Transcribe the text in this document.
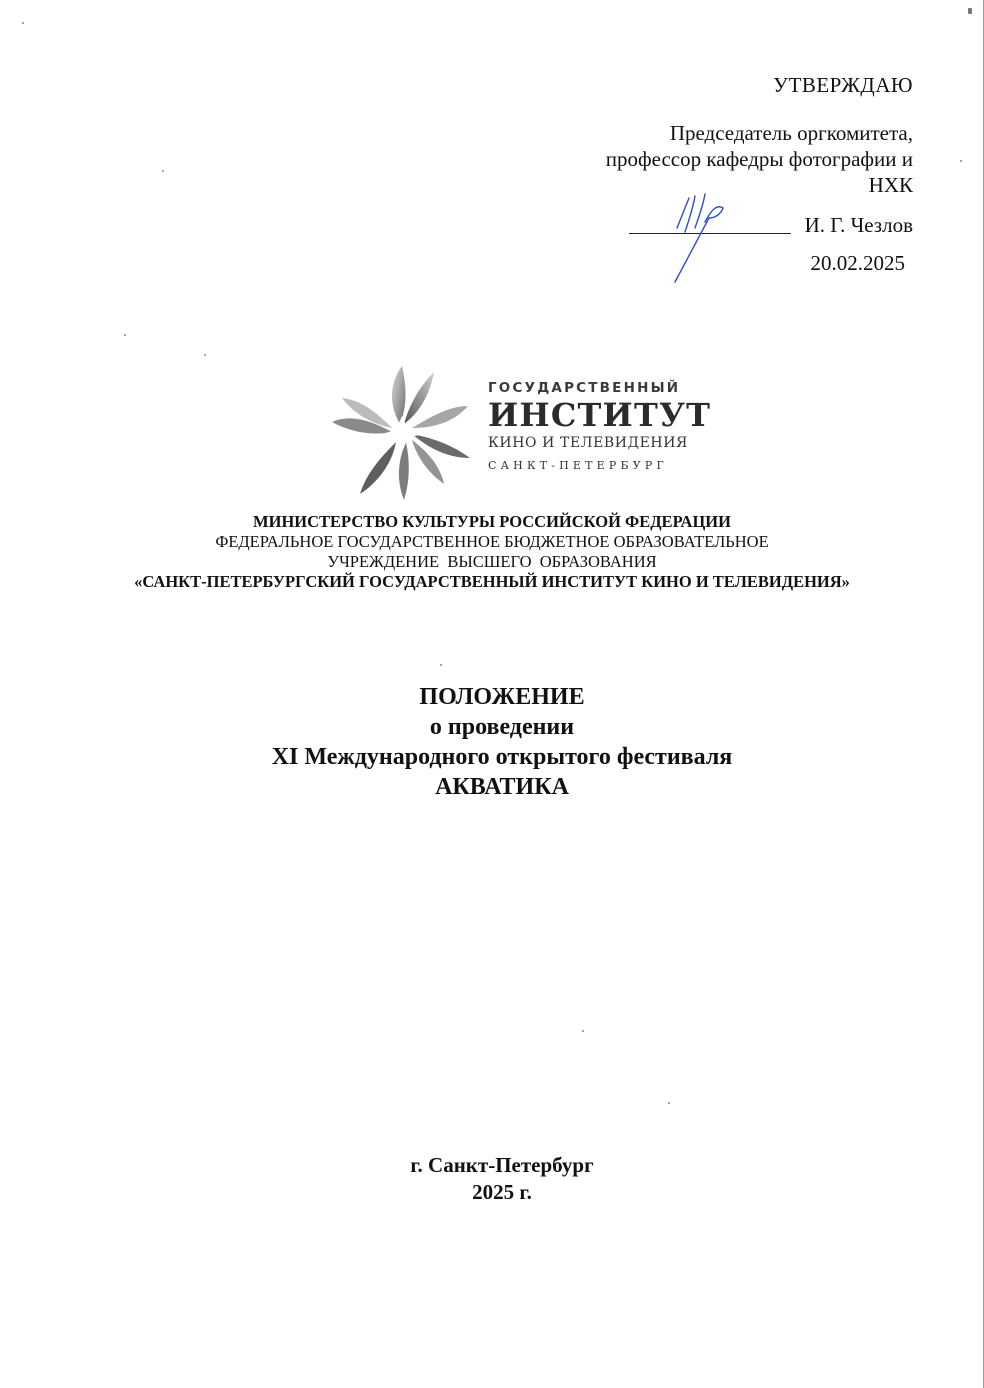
УТВЕРЖДАЮ
Председатель оргкомитета,
профессор кафедры фотографии и
НХК
И. Г. Чезлов
20.02.2025
ГОСУДАРСТВЕННЫЙ
ИНСТИТУТ
КИНО И ТЕЛЕВИДЕНИЯ
САНКТ-ПЕТЕРБУРГ
МИНИСТЕРСТВО КУЛЬТУРЫ РОССИЙСКОЙ ФЕДЕРАЦИИ
ФЕДЕРАЛЬНОЕ ГОСУДАРСТВЕННОЕ БЮДЖЕТНОЕ ОБРАЗОВАТЕЛЬНОЕ
УЧРЕЖДЕНИЕ  ВЫСШЕГО  ОБРАЗОВАНИЯ
«САНКТ-ПЕТЕРБУРГСКИЙ ГОСУДАРСТВЕННЫЙ ИНСТИТУТ КИНО И ТЕЛЕВИДЕНИЯ»
ПОЛОЖЕНИЕ
о проведении
XI Международного открытого фестиваля
АКВАТИКА
г. Санкт-Петербург
2025 г.
